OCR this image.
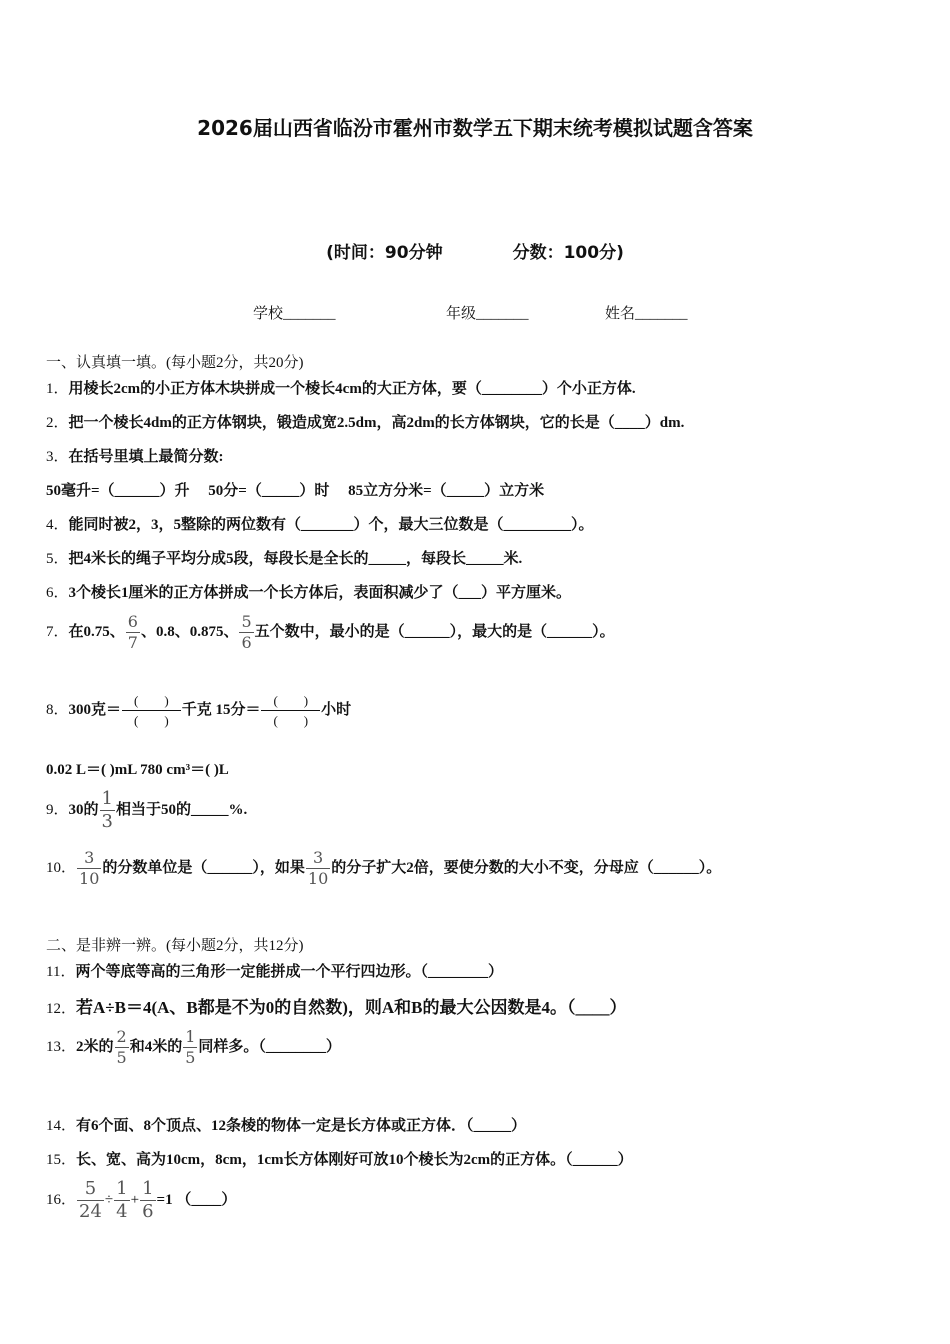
2026届山西省临汾市霍州市数学五下期末统考模拟试题含答案
(时间：90分钟	分数：100分)
学校_______	年级_______	姓名_______
一、认真填一填。(每小题2分，共20分)
1．用棱长2cm的小正方体木块拼成一个棱长4cm的大正方体，要（________）个小正方体.
2．把一个棱长4dm的正方体钢块，锻造成宽2.5dm，高2dm的长方体钢块，它的长是（____）dm.
3．在括号里填上最简分数:
50毫升=（______）升　 50分=（_____）时　 85立方分米=（_____）立方米
4．能同时被2，3，5整除的两位数有（_______）个，最大三位数是（_________）。
5．把4米长的绳子平均分成5段，每段长是全长的_____，每段长_____米.
6．3个棱长1厘米的正方体拼成一个长方体后，表面积减少了（___）平方厘米。
7．在0.75、 $\frac{6}{7}$ 、0.8、0.875、 $\frac{5}{6}$ 五个数中，最小的是（______），最大的是（______）。
8．300克＝ $\frac{( )}{( )}$ 千克 15分＝ $\frac{( )}{( )}$ 小时
0.02 L＝( )mL 780 cm³＝( )L
9．30的 $\frac{1}{3}$ 相当于50的_____%.
10． $\frac{3}{10}$ 的分数单位是（______），如果 $\frac{3}{10}$ 的分子扩大2倍，要使分数的大小不变，分母应（______）。
二、是非辨一辨。(每小题2分，共12分)
11．两个等底等高的三角形一定能拼成一个平行四边形。（________）
12．若A÷B＝4(A、B都是不为0的自然数)，则A和B的最大公因数是4。（____）
13．2米的 $\frac{2}{5}$ 和4米的 $\frac{1}{5}$ 同样多。（________）
14．有6个面、8个顶点、12条棱的物体一定是长方体或正方体．（_____）
15．长、宽、高为10cm，8cm，1cm长方体刚好可放10个棱长为2cm的正方体。（______）
16． $\frac{5}{24} \div \frac{1}{4} + \frac{1}{6} =1$ （____）
